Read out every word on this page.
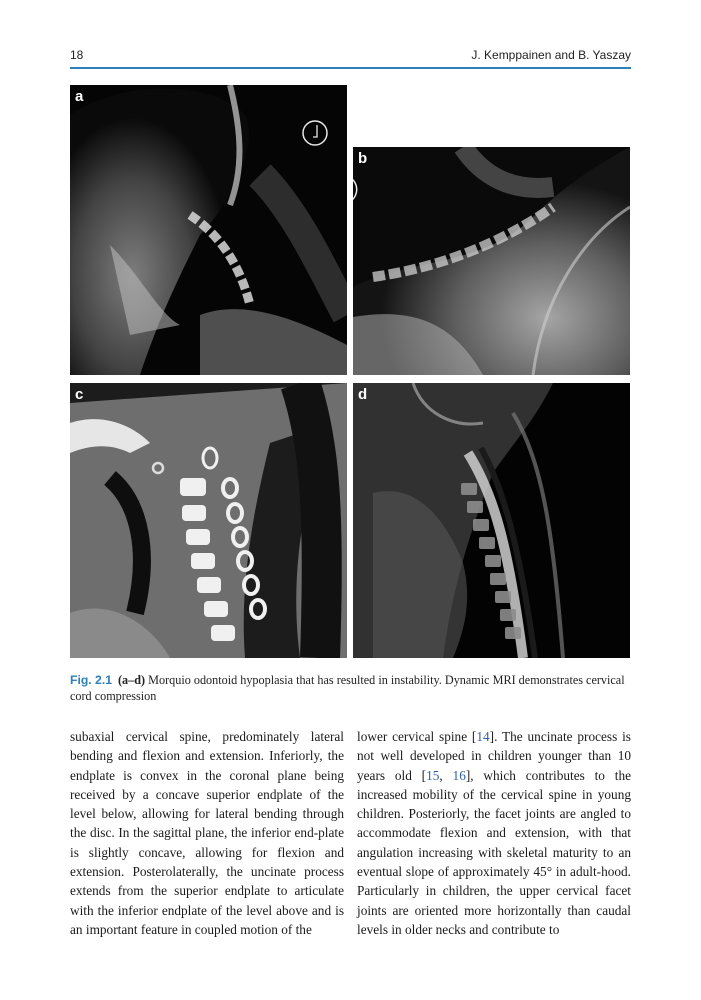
18	J. Kemppainen and B. Yaszay
a
b
c	d
Fig. 2.1 (a–d) Morquio odontoid hypoplasia that has resulted in instability. Dynamic MRI demonstrates cervical cord compression
subaxial cervical spine, predominately lateral bending and flexion and extension. Inferiorly, the endplate is convex in the coronal plane being received by a concave superior endplate of the level below, allowing for lateral bending through the disc. In the sagittal plane, the inferior end-plate is slightly concave, allowing for flexion and extension. Posterolaterally, the uncinate process extends from the superior endplate to articulate with the inferior endplate of the level above and is an important feature in coupled motion of the
lower cervical spine [14]. The uncinate process is not well developed in children younger than 10 years old [15, 16], which contributes to the increased mobility of the cervical spine in young children. Posteriorly, the facet joints are angled to accommodate flexion and extension, with that angulation increasing with skeletal maturity to an eventual slope of approximately 45° in adult-hood. Particularly in children, the upper cervical facet joints are oriented more horizontally than caudal levels in older necks and contribute to
